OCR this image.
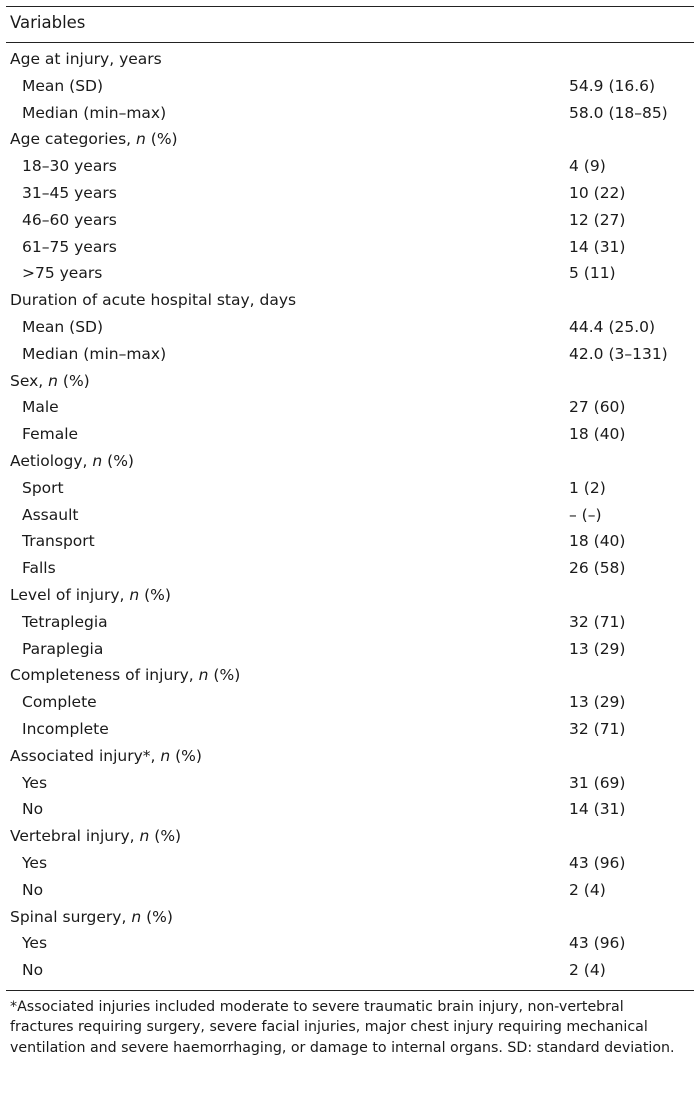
Variables
Age at injury, years
Mean (SD)	54.9 (16.6)
Median (min–max)	58.0 (18–85)
Age categories, n (%)
18–30 years	4 (9)
31–45 years	10 (22)
46–60 years	12 (27)
61–75 years	14 (31)
>75 years	5 (11)
Duration of acute hospital stay, days
Mean (SD)	44.4 (25.0)
Median (min–max)	42.0 (3–131)
Sex, n (%)
Male	27 (60)
Female	18 (40)
Aetiology, n (%)
Sport	1 (2)
Assault	– (–)
Transport	18 (40)
Falls	26 (58)
Level of injury, n (%)
Tetraplegia	32 (71)
Paraplegia	13 (29)
Completeness of injury, n (%)
Complete	13 (29)
Incomplete	32 (71)
Associated injury*, n (%)
Yes	31 (69)
No	14 (31)
Vertebral injury, n (%)
Yes	43 (96)
No	2 (4)
Spinal surgery, n (%)
Yes	43 (96)
No	2 (4)
*Associated injuries included moderate to severe traumatic brain injury, non-vertebral fractures requiring surgery, severe facial injuries, major chest injury requiring mechanical ventilation and severe haemorrhaging, or damage to internal organs. SD: standard deviation.
